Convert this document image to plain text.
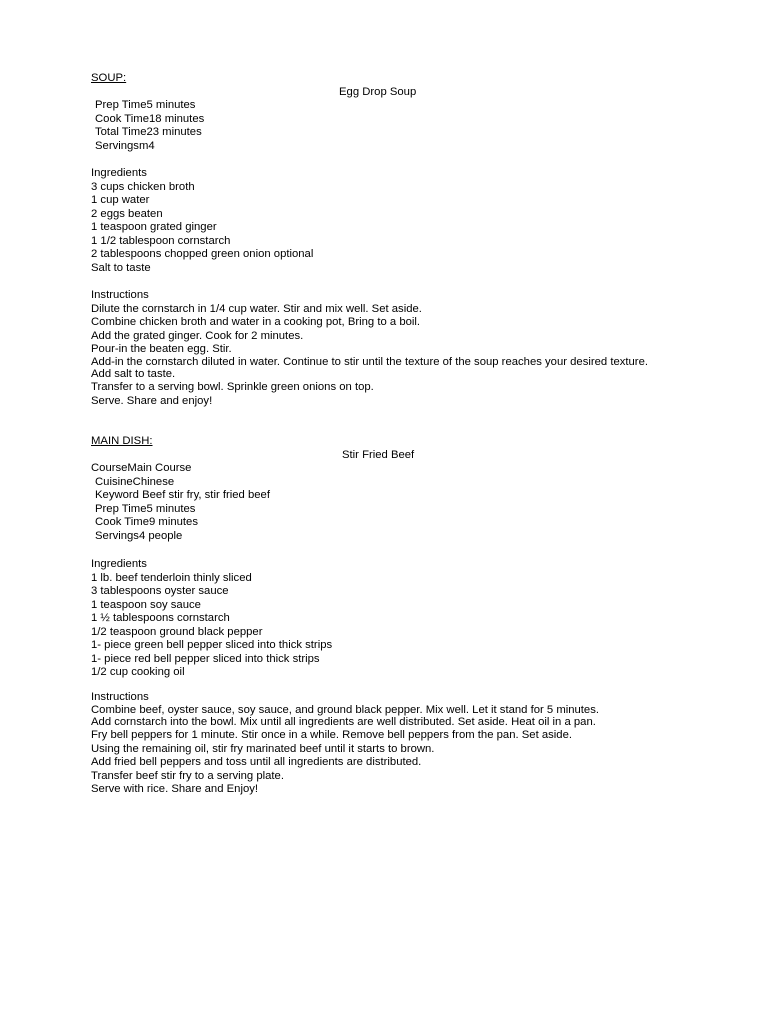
SOUP:
Egg Drop Soup
Prep Time5 minutes
Cook Time18 minutes
Total Time23 minutes
Servingsm4
Ingredients
3 cups chicken broth
1 cup water
2 eggs beaten
1 teaspoon grated ginger
1 1/2 tablespoon cornstarch
2 tablespoons chopped green onion optional
Salt to taste
Instructions
Dilute the cornstarch in 1/4 cup water. Stir and mix well. Set aside.
Combine chicken broth and water in a cooking pot, Bring to a boil.
Add the grated ginger. Cook for 2 minutes.
Pour-in the beaten egg. Stir.
Add-in the cornstarch diluted in water. Continue to stir until the texture of the soup reaches your desired texture.
Add salt to taste.
Transfer to a serving bowl. Sprinkle green onions on top.
Serve. Share and enjoy!
MAIN DISH:
Stir Fried Beef
CourseMain Course
CuisineChinese
Keyword Beef stir fry, stir fried beef
Prep Time5 minutes
Cook Time9 minutes
Servings4 people
Ingredients
1 lb. beef tenderloin thinly sliced
3 tablespoons oyster sauce
1 teaspoon soy sauce
1 ½ tablespoons cornstarch
1/2 teaspoon ground black pepper
1- piece green bell pepper sliced into thick strips
1- piece red bell pepper sliced into thick strips
1/2 cup cooking oil
Instructions
Combine beef, oyster sauce, soy sauce, and ground black pepper. Mix well. Let it stand for 5 minutes.
Add cornstarch into the bowl. Mix until all ingredients are well distributed. Set aside. Heat oil in a pan.
Fry bell peppers for 1 minute. Stir once in a while. Remove bell peppers from the pan. Set aside.
Using the remaining oil, stir fry marinated beef until it starts to brown.
Add fried bell peppers and toss until all ingredients are distributed.
Transfer beef stir fry to a serving plate.
Serve with rice. Share and Enjoy!
